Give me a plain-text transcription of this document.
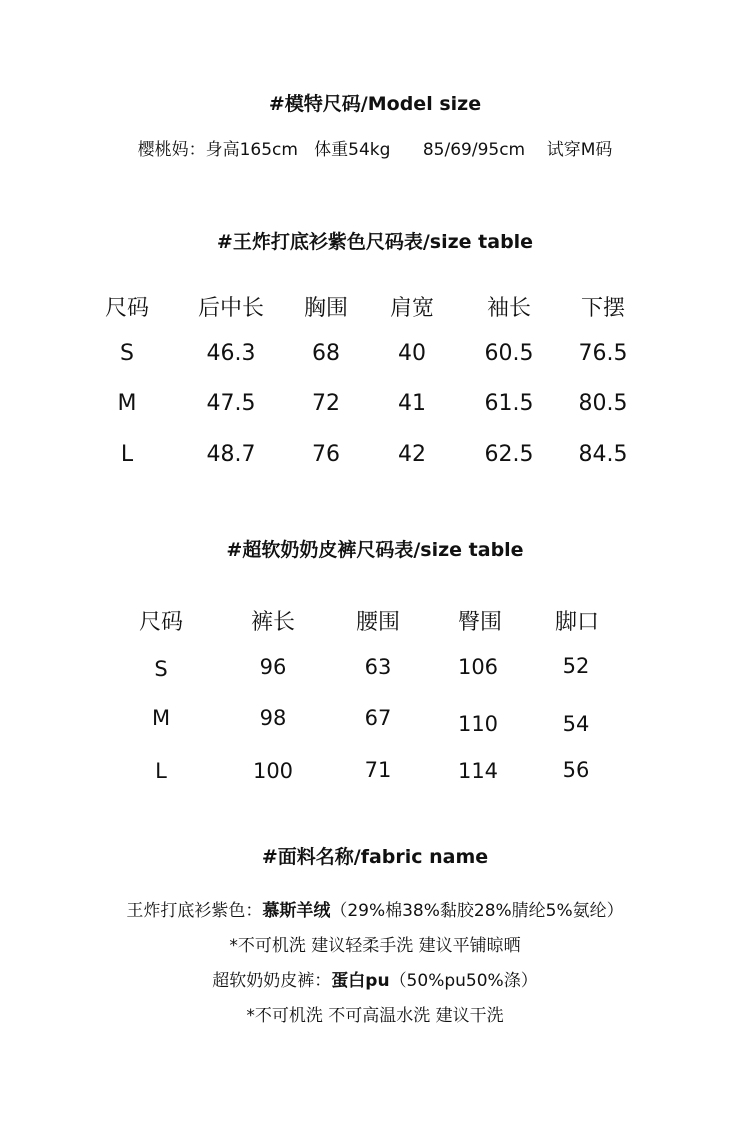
#模特尺码/Model size
樱桃妈：身高165cm   体重54kg      85/69/95cm    试穿M码
#王炸打底衫紫色尺码表/size table
尺码	后中长	胸围	肩宽	袖长	下摆
S	46.3	68	40	60.5	76.5
M	47.5	72	41	61.5	80.5
L	48.7	76	42	62.5	84.5
#超软奶奶皮裤尺码表/size table
尺码	裤长	腰围	臀围	脚口
S	96	63	106	52
M	98	67	110	54
L	100	71	114	56
#面料名称/fabric name
王炸打底衫紫色：慕斯羊绒（29%棉38%黏胶28%腈纶5%氨纶）
*不可机洗 建议轻柔手洗 建议平铺晾晒
超软奶奶皮裤：蛋白pu（50%pu50%涤）
*不可机洗 不可高温水洗 建议干洗
